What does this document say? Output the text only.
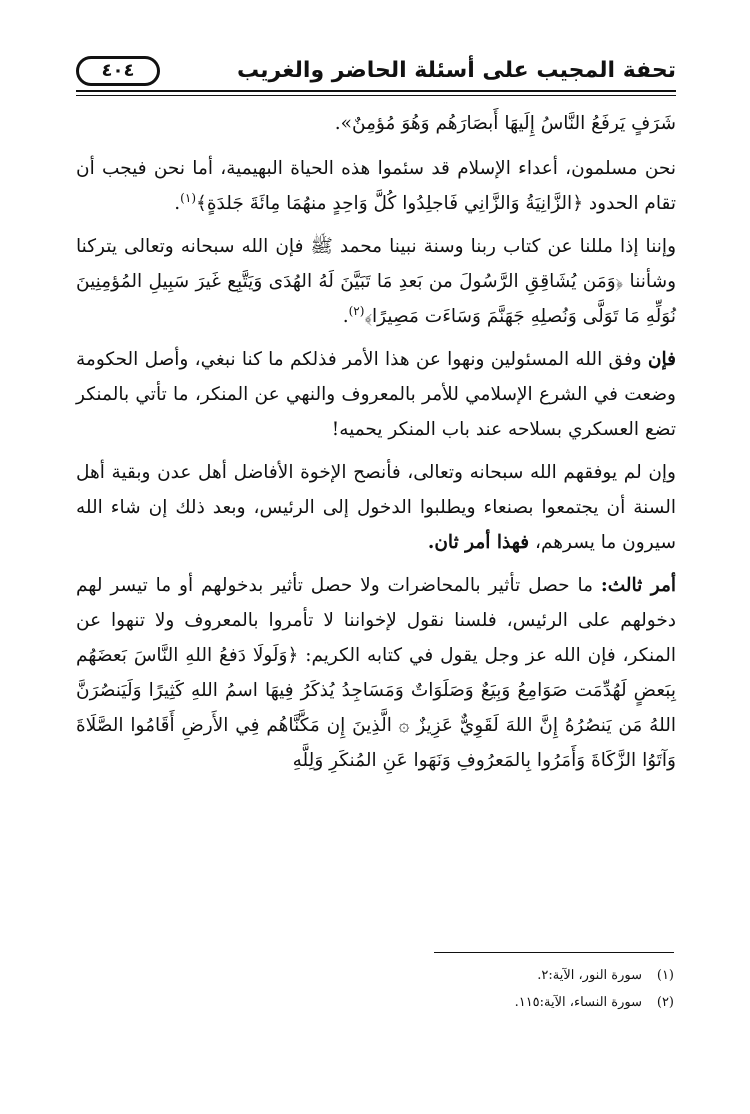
تحفة المجيب على أسئلة الحاضر والغريب
٤٠٤

شَرَفٍ يَرفَعُ النَّاسُ إِلَيهَا أَبصَارَهُم وَهُوَ مُؤمِنٌ».

نحن مسلمون، أعداء الإسلام قد سئموا هذه الحياة البهيمية، أما نحن فيجب أن تقام الحدود ﴿الزَّانِيَةُ وَالزَّانِي فَاجلِدُوا كُلَّ وَاحِدٍ منهُمَا مِائَةَ جَلدَةٍ﴾$^{(١)}$.

وإننا إذا مللنا عن كتاب ربنا وسنة نبينا محمد ﷺ فإن الله سبحانه وتعالى يتركنا وشأننا ﴿وَمَن يُشَاقِقِ الرَّسُولَ من بَعدِ مَا تَبَيَّنَ لَهُ الهُدَى وَيَتَّبِع غَيرَ سَبِيلِ المُؤمِنِينَ نُوَلِّهِ مَا تَوَلَّى وَنُصلِهِ جَهَنَّمَ وَسَاءَت مَصِيرًا﴾$^{(٢)}$.

فإن وفق الله المسئولين ونهوا عن هذا الأمر فذلكم ما كنا نبغي، وأصل الحكومة وضعت في الشرع الإسلامي للأمر بالمعروف والنهي عن المنكر، ما تأتي بالمنكر تضع العسكري بسلاحه عند باب المنكر يحميه!

وإن لم يوفقهم الله سبحانه وتعالى، فأنصح الإخوة الأفاضل أهل عدن وبقية أهل السنة أن يجتمعوا بصنعاء ويطلبوا الدخول إلى الرئيس، وبعد ذلك إن شاء الله سيرون ما يسرهم، فهذا أمر ثان.

أمر ثالث: ما حصل تأثير بالمحاضرات ولا حصل تأثير بدخولهم أو ما تيسر لهم دخولهم على الرئيس، فلسنا نقول لإخواننا لا تأمروا بالمعروف ولا تنهوا عن المنكر، فإن الله عز وجل يقول في كتابه الكريم: ﴿وَلَولَا دَفعُ اللهِ النَّاسَ بَعضَهُم بِبَعضٍ لَهُدِّمَت صَوَامِعُ وَبِيَعٌ وَصَلَوَاتٌ وَمَسَاجِدُ يُذكَرُ فِيهَا اسمُ اللهِ كَثِيرًا وَلَيَنصُرَنَّ اللهُ مَن يَنصُرُهُ إِنَّ اللهَ لَقَوِيٌّ عَزِيزٌ ۞ الَّذِينَ إِن مَكَّنَّاهُم فِي الأَرضِ أَقَامُوا الصَّلَاةَ وَآتَوُا الزَّكَاةَ وَأَمَرُوا بِالمَعرُوفِ وَنَهَوا عَنِ المُنكَرِ وَلِلَّهِ

(١)سورة النور، الآية:٢.
(٢)سورة النساء، الآية:١١٥.
